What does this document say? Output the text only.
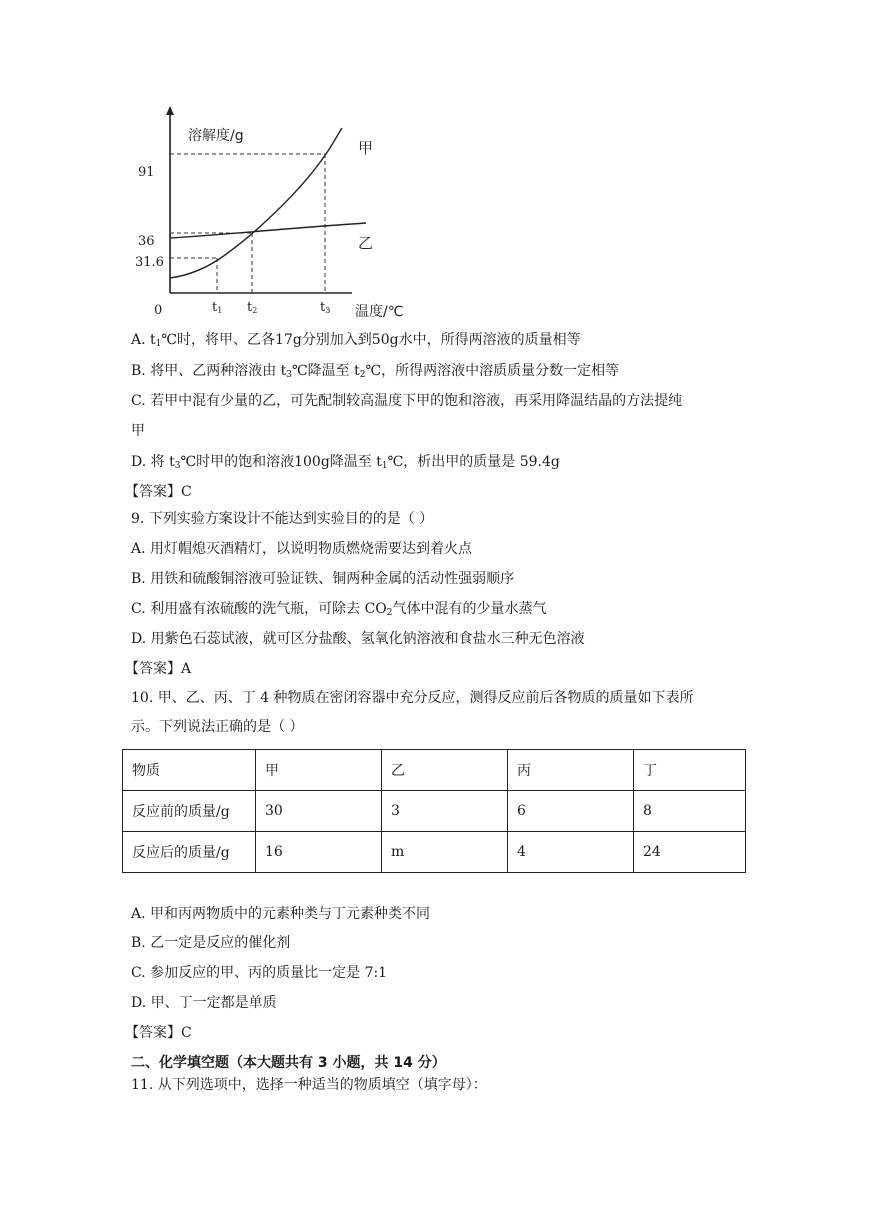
溶解度/g
温度/℃
0
91
36
31.6
t1 t2	t3
甲
乙
A. $t_1℃$时，将甲、乙各17g分别加入到50g水中，所得两溶液的质量相等
B. 将甲、乙两种溶液由 $t_3℃$降温至 $t_2℃$，所得两溶液中溶质质量分数一定相等
C. 若甲中混有少量的乙，可先配制较高温度下甲的饱和溶液，再采用降温结晶的方法提纯
甲
D. 将 $t_3℃$时甲的饱和溶液100g降温至 $t_1℃$，析出甲的质量是 59.4g
【答案】C
9. 下列实验方案设计不能达到实验目的的是（ ）
A. 用灯帽熄灭酒精灯，以说明物质燃烧需要达到着火点
B. 用铁和硫酸铜溶液可验证铁、铜两种金属的活动性强弱顺序
C. 利用盛有浓硫酸的洗气瓶，可除去 $CO_2$气体中混有的少量水蒸气
D. 用紫色石蕊试液，就可区分盐酸、氢氧化钠溶液和食盐水三种无色溶液
【答案】A
10. 甲、乙、丙、丁 4 种物质在密闭容器中充分反应，测得反应前后各物质的质量如下表所
示。下列说法正确的是（ ）
物质	甲	乙	丙	丁
反应前的质量/g	30	3	6	8
反应后的质量/g	16	m	4	24
A. 甲和丙两物质中的元素种类与丁元素种类不同
B. 乙一定是反应的催化剂
C. 参加反应的甲、丙的质量比一定是 7:1
D. 甲、丁一定都是单质
【答案】C
二、化学填空题（本大题共有 3 小题，共 14 分）
11. 从下列选项中，选择一种适当的物质填空（填字母）：
